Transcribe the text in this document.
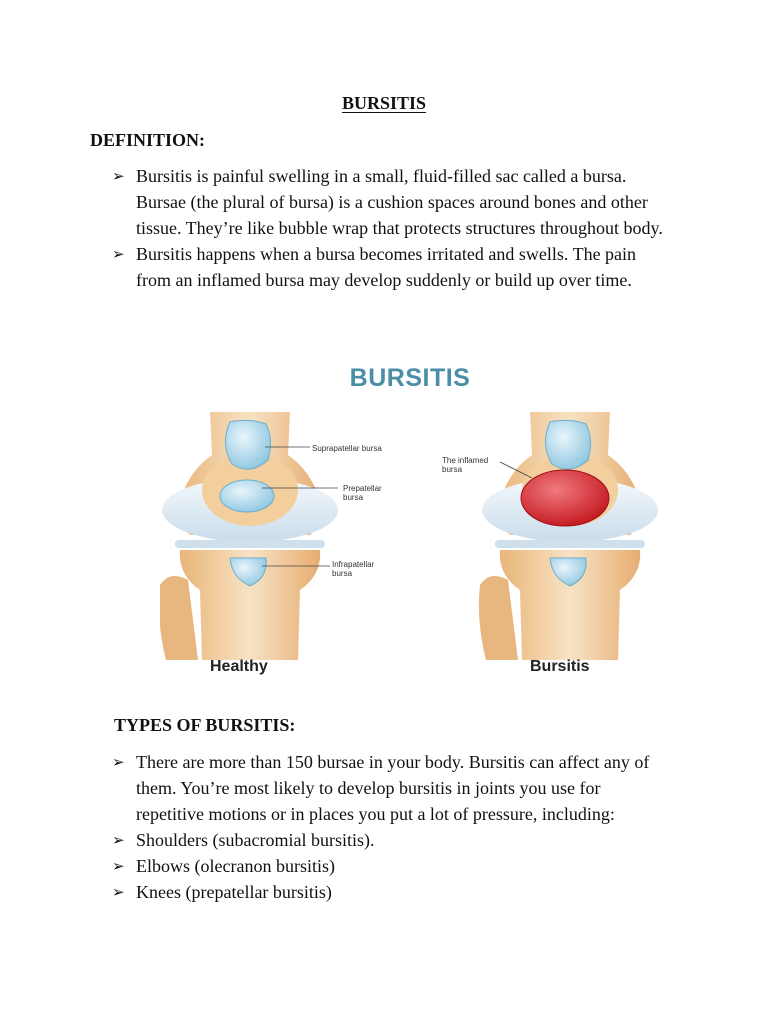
BURSITIS
DEFINITION:
➢ Bursitis is painful swelling in a small, fluid-filled sac called a bursa. Bursae (the plural of bursa) is a cushion spaces around bones and other tissue. They’re like bubble wrap that protects structures throughout body.
➢ Bursitis happens when a bursa becomes irritated and swells. The pain from an inflamed bursa may develop suddenly or build up over time.
BURSITIS
Suprapatellar bursa
Prepatellar bursa
Infrapatellar bursa
The inflamed bursa
Healthy	Bursitis
TYPES OF BURSITIS:
➢ There are more than 150 bursae in your body. Bursitis can affect any of them. You’re most likely to develop bursitis in joints you use for repetitive motions or in places you put a lot of pressure, including:
➢ Shoulders (subacromial bursitis).
➢ Elbows (olecranon bursitis)
➢ Knees (prepatellar bursitis)
